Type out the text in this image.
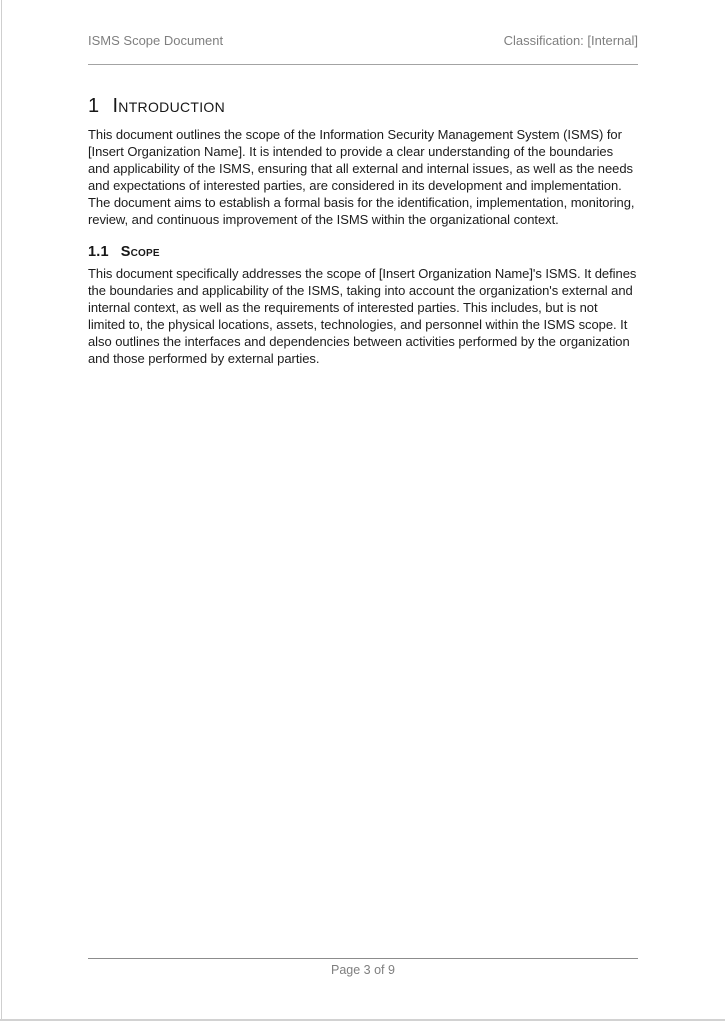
ISMS Scope Document	Classification: [Internal]
1 Introduction

This document outlines the scope of the Information Security Management System (ISMS) for [Insert Organization Name]. It is intended to provide a clear understanding of the boundaries and applicability of the ISMS, ensuring that all external and internal issues, as well as the needs and expectations of interested parties, are considered in its development and implementation. The document aims to establish a formal basis for the identification, implementation, monitoring, review, and continuous improvement of the ISMS within the organizational context.

1.1 Scope

This document specifically addresses the scope of [Insert Organization Name]'s ISMS. It defines the boundaries and applicability of the ISMS, taking into account the organization's external and internal context, as well as the requirements of interested parties. This includes, but is not limited to, the physical locations, assets, technologies, and personnel within the ISMS scope. It also outlines the interfaces and dependencies between activities performed by the organization and those performed by external parties.

Page 3 of 9
